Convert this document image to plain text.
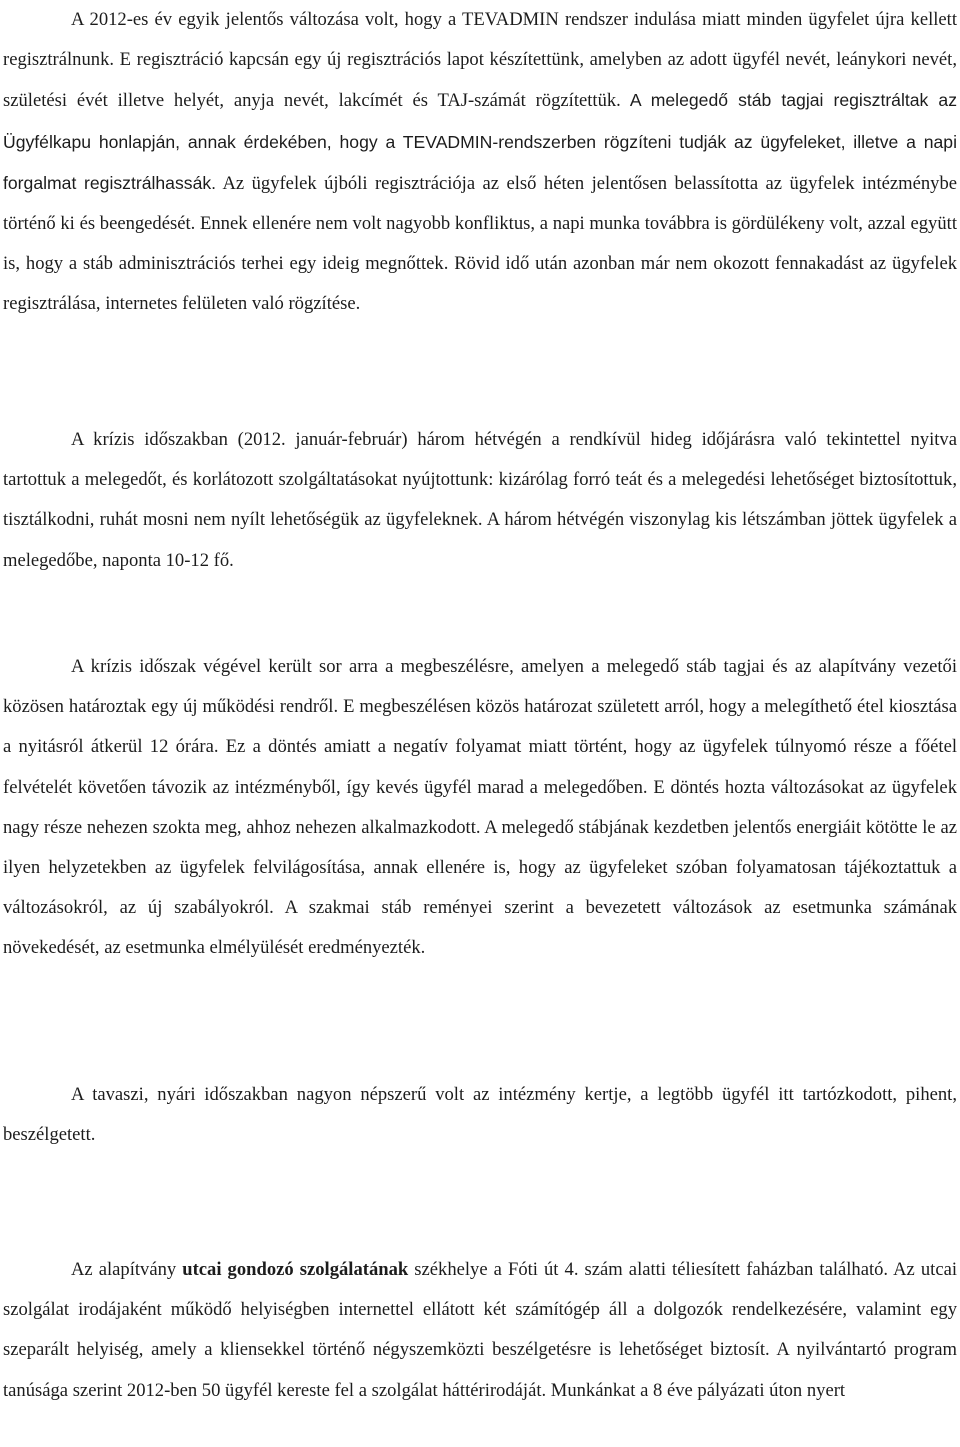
A 2012-es év egyik jelentős változása volt, hogy a TEVADMIN rendszer indulása miatt minden ügyfelet újra kellett regisztrálnunk. E regisztráció kapcsán egy új regisztrációs lapot készítettünk, amelyben az adott ügyfél nevét, leánykori nevét, születési évét illetve helyét, anyja nevét, lakcímét és TAJ-számát rögzítettük. A melegedő stáb tagjai regisztráltak az Ügyfélkapu honlapján, annak érdekében, hogy a TEVADMIN-rendszerben rögzíteni tudják az ügyfeleket, illetve a napi forgalmat regisztrálhassák. Az ügyfelek újbóli regisztrációja az első héten jelentősen belassította az ügyfelek intézménybe történő ki és beengedését. Ennek ellenére nem volt nagyobb konfliktus, a napi munka továbbra is gördülékeny volt, azzal együtt is, hogy a stáb adminisztrációs terhei egy ideig megnőttek. Rövid idő után azonban már nem okozott fennakadást az ügyfelek regisztrálása, internetes felületen való rögzítése.

A krízis időszakban (2012. január-február) három hétvégén a rendkívül hideg időjárásra való tekintettel nyitva tartottuk a melegedőt, és korlátozott szolgáltatásokat nyújtottunk: kizárólag forró teát és a melegedési lehetőséget biztosítottuk, tisztálkodni, ruhát mosni nem nyílt lehetőségük az ügyfeleknek. A három hétvégén viszonylag kis létszámban jöttek ügyfelek a melegedőbe, naponta 10-12 fő.

A krízis időszak végével került sor arra a megbeszélésre, amelyen a melegedő stáb tagjai és az alapítvány vezetői közösen határoztak egy új működési rendről. E megbeszélésen közös határozat született arról, hogy a melegíthető étel kiosztása a nyitásról átkerül 12 órára. Ez a döntés amiatt a negatív folyamat miatt történt, hogy az ügyfelek túlnyomó része a főétel felvételét követően távozik az intézményből, így kevés ügyfél marad a melegedőben. E döntés hozta változásokat az ügyfelek nagy része nehezen szokta meg, ahhoz nehezen alkalmazkodott. A melegedő stábjának kezdetben jelentős energiáit kötötte le az ilyen helyzetekben az ügyfelek felvilágosítása, annak ellenére is, hogy az ügyfeleket szóban folyamatosan tájékoztattuk a változásokról, az új szabályokról. A szakmai stáb reményei szerint a bevezetett változások az esetmunka számának növekedését, az esetmunka elmélyülését eredményezték.

A tavaszi, nyári időszakban nagyon népszerű volt az intézmény kertje, a legtöbb ügyfél itt tartózkodott, pihent, beszélgetett.

Az alapítvány utcai gondozó szolgálatának székhelye a Fóti út 4. szám alatti téliesített faházban található. Az utcai szolgálat irodájaként működő helyiségben internettel ellátott két számítógép áll a dolgozók rendelkezésére, valamint egy szeparált helyiség, amely a kliensekkel történő négyszemközti beszélgetésre is lehetőséget biztosít. A nyilvántartó program tanúsága szerint 2012-ben 50 ügyfél kereste fel a szolgálat háttérirodáját. Munkánkat a 8 éve pályázati úton nyert
